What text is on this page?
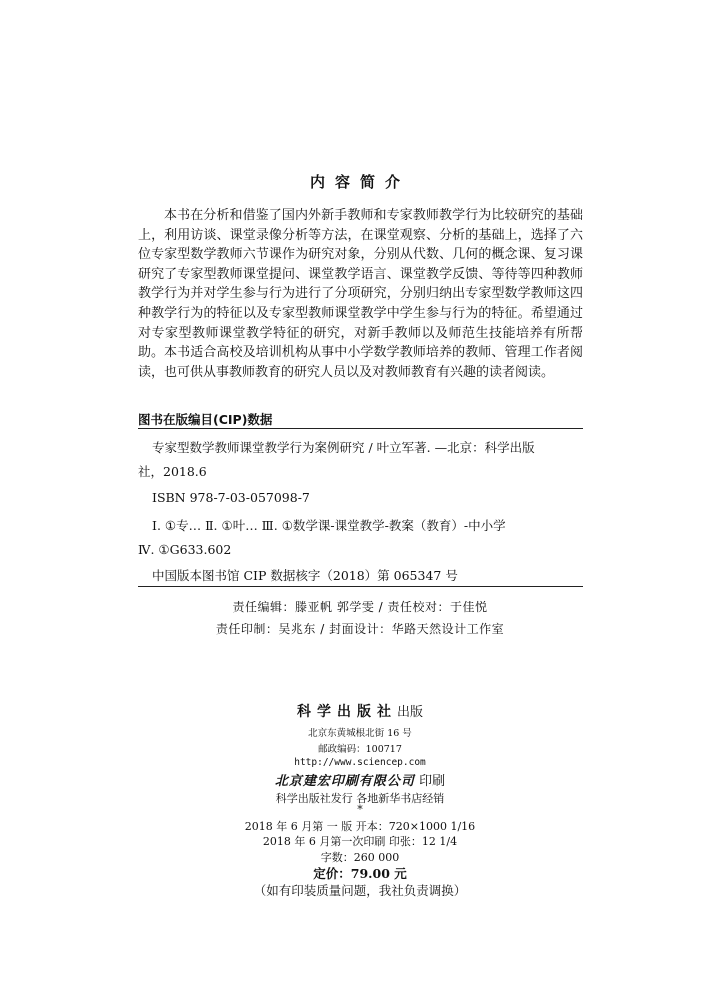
内容简介

本书在分析和借鉴了国内外新手教师和专家教师教学行为比较研究的基础上，利用访谈、课堂录像分析等方法，在课堂观察、分析的基础上，选择了六位专家型数学教师六节课作为研究对象，分别从代数、几何的概念课、复习课研究了专家型教师课堂提问、课堂教学语言、课堂教学反馈、等待等四种教师教学行为并对学生参与行为进行了分项研究，分别归纳出专家型数学教师这四种教学行为的特征以及专家型教师课堂教学中学生参与行为的特征。希望通过对专家型教师课堂教学特征的研究，对新手教师以及师范生技能培养有所帮助。 本书适合高校及培训机构从事中小学数学教师培养的教师、管理工作者阅读，也可供从事教师教育的研究人员以及对教师教育有兴趣的读者阅读。

图书在版编目(CIP)数据
专家型数学教师课堂教学行为案例研究 / 叶立军著. —北京：科学出版
社，2018.6
ISBN 978-7-03-057098-7
Ⅰ. ①专… Ⅱ. ①叶… Ⅲ. ①数学课-课堂教学-教案（教育）-中小学
Ⅳ. ①G633.602
中国版本图书馆 CIP 数据核字（2018）第 065347 号
责任编辑：滕亚帆 郭学雯 / 责任校对：于佳悦
责任印制：吴兆东 / 封面设计：华路天然设计工作室
科学出版社出版
北京东黄城根北街 16 号
邮政编码：100717
http://www.sciencep.com
北京建宏印刷有限公司 印刷
科学出版社发行 各地新华书店经销
*
2018 年 6 月第 一 版 开本：720×1000 1/16
2018 年 6 月第一次印刷 印张：12 1/4
字数：260 000
定价：79.00 元
（如有印装质量问题，我社负责调换）
